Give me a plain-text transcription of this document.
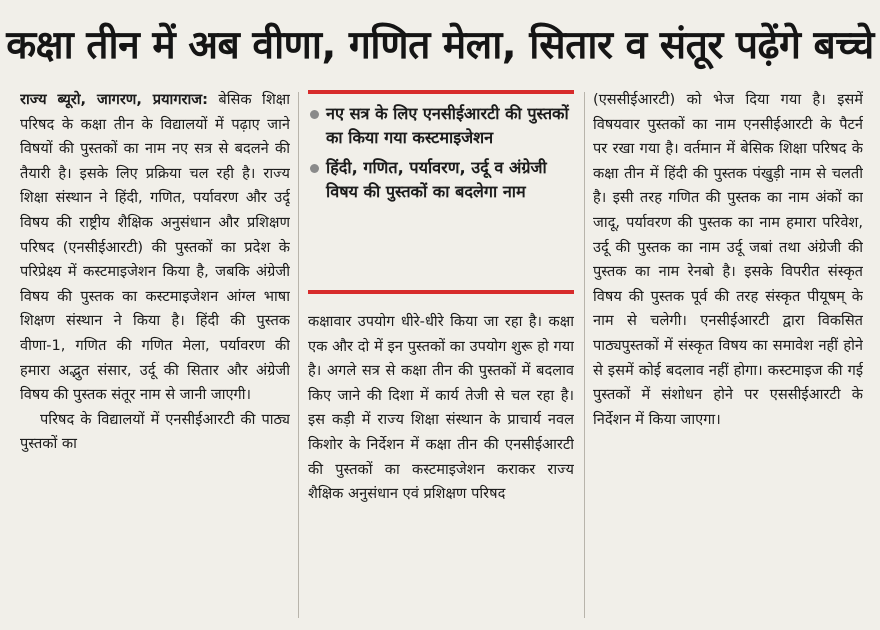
कक्षा तीन में अब वीणा, गणित मेला, सितार व संतूर पढ़ेंगे बच्चे

राज्य ब्यूरो, जागरण, प्रयागराज: बेसिक शिक्षा परिषद के कक्षा तीन के विद्यालयों में पढ़ाए जाने विषयों की पुस्तकों का नाम नए सत्र से बदलने की तैयारी है। इसके लिए प्रक्रिया चल रही है। राज्य शिक्षा संस्थान ने हिंदी, गणित, पर्यावरण और उर्दू विषय की राष्ट्रीय शैक्षिक अनुसंधान और प्रशिक्षण परिषद (एनसीईआरटी) की पुस्तकों का प्रदेश के परिप्रेक्ष्य में कस्टमाइजेशन किया है, जबकि अंग्रेजी विषय की पुस्तक का कस्टमाइजेशन आंग्ल भाषा शिक्षण संस्थान ने किया है। हिंदी की पुस्तक वीणा-1, गणित की गणित मेला, पर्यावरण की हमारा अद्भुत संसार, उर्दू की सितार और अंग्रेजी विषय की पुस्तक संतूर नाम से जानी जाएगी।

परिषद के विद्यालयों में एनसीईआरटी की पाठ्य पुस्तकों का

नए सत्र के लिए एनसीईआरटी की पुस्तकों का किया गया कस्टमाइजेशन
हिंदी, गणित, पर्यावरण, उर्दू व अंग्रेजी विषय की पुस्तकों का बदलेगा नाम

कक्षावार उपयोग धीरे-धीरे किया जा रहा है। कक्षा एक और दो में इन पुस्तकों का उपयोग शुरू हो गया है। अगले सत्र से कक्षा तीन की पुस्तकों में बदलाव किए जाने की दिशा में कार्य तेजी से चल रहा है। इस कड़ी में राज्य शिक्षा संस्थान के प्राचार्य नवल किशोर के निर्देशन में कक्षा तीन की एनसीईआरटी की पुस्तकों का कस्टमाइजेशन कराकर राज्य शैक्षिक अनुसंधान एवं प्रशिक्षण परिषद

(एससीईआरटी) को भेज दिया गया है। इसमें विषयवार पुस्तकों का नाम एनसीईआरटी के पैटर्न पर रखा गया है। वर्तमान में बेसिक शिक्षा परिषद के कक्षा तीन में हिंदी की पुस्तक पंखुड़ी नाम से चलती है। इसी तरह गणित की पुस्तक का नाम अंकों का जादू, पर्यावरण की पुस्तक का नाम हमारा परिवेश, उर्दू की पुस्तक का नाम उर्दू जबां तथा अंग्रेजी की पुस्तक का नाम रेनबो है। इसके विपरीत संस्कृत विषय की पुस्तक पूर्व की तरह संस्कृत पीयूषम् के नाम से चलेगी। एनसीईआरटी द्वारा विकसित पाठ्यपुस्तकों में संस्कृत विषय का समावेश नहीं होने से इसमें कोई बदलाव नहीं होगा। कस्टमाइज की गई पुस्तकों में संशोधन होने पर एससीईआरटी के निर्देशन में किया जाएगा।
